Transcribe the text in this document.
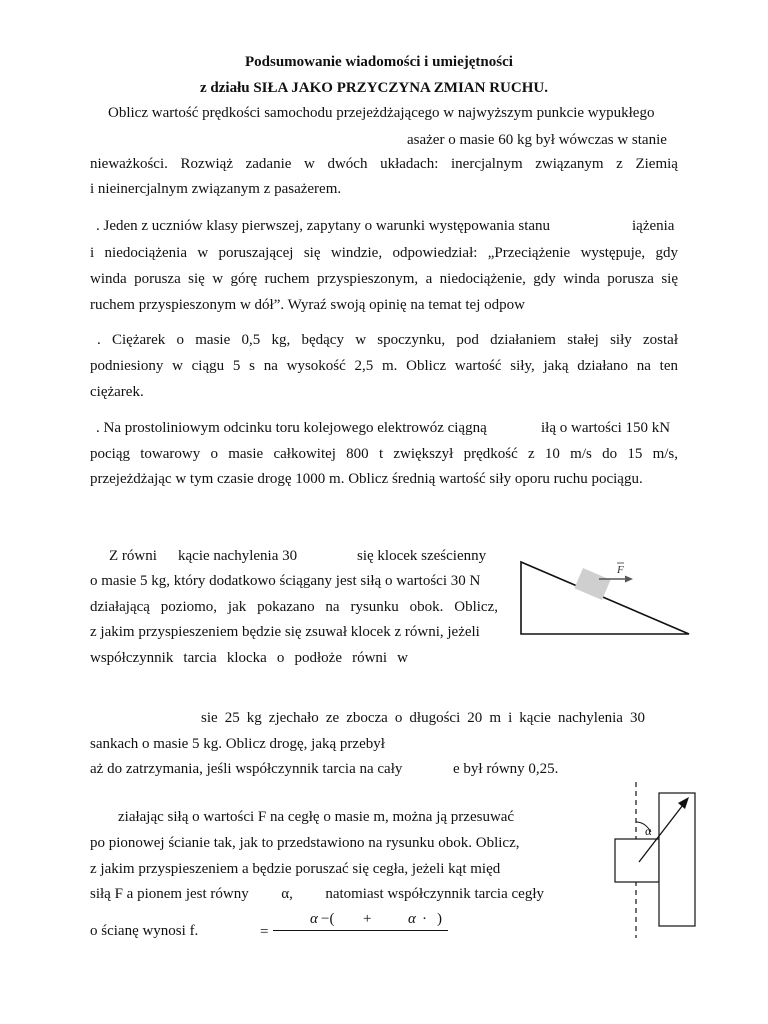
Podsumowanie wiadomości i umiejętności
z działu SIŁA JAKO PRZYCZYNA ZMIAN RUCHU.
Oblicz wartość prędkości samochodu przejeżdżającego w najwyższym punkcie wypukłego
asażer o masie 60 kg był wówczas w stanie
nieważkości. Rozwiąż zadanie w dwóch układach: inercjalnym związanym z Ziemią
i nieinercjalnym związanym z pasażerem.
. Jeden z uczniów klasy pierwszej, zapytany o warunki występowania stanu	iążenia
i niedociążenia w poruszającej się windzie, odpowiedział: „Przeciążenie występuje, gdy
winda porusza się w górę ruchem przyspieszonym, a niedociążenie, gdy winda porusza się
ruchem przyspieszonym w dół”. Wyraź swoją opinię na temat tej odpow
. Ciężarek o masie 0,5 kg, będący w spoczynku, pod działaniem stałej siły został
podniesiony w ciągu 5 s na wysokość 2,5 m. Oblicz wartość siły, jaką działano na ten
ciężarek.
. Na prostoliniowym odcinku toru kolejowego elektrowóz ciągną	iłą o wartości 150 kN
pociąg towarowy o masie całkowitej 800 t zwiększył prędkość z 10 m/s do 15 m/s,
przejeżdżając w tym czasie drogę 1000 m. Oblicz średnią wartość siły oporu ruchu pociągu.
Z równi kącie nachylenia 30	się klocek sześcienny
o masie 5 kg, który dodatkowo ściągany jest siłą o wartości 30 N
działającą poziomo, jak pokazano na rysunku obok. Oblicz,
z jakim przyspieszeniem będzie się zsuwał klocek z równi, jeżeli
współczynnik tarcia klocka o podłoże równi w
F
sie 25 kg zjechało ze zbocza o długości 20 m i kącie nachylenia 30
sankach o masie 5 kg. Oblicz drogę, jaką przebył
aż do zatrzymania, jeśli współczynnik tarcia na cały	e był równy 0,25.
ziałając siłą o wartości F na cegłę o masie m, można ją przesuwać
po pionowej ścianie tak, jak to przedstawiono na rysunku obok. Oblicz,
z jakim przyspieszeniem a będzie poruszać się cegła, jeżeli kąt międ
siłą F a pionem jest równy α, natomiast współczynnik tarcia cegły
o ścianę wynosi f.	=
α −( + α · )
α
